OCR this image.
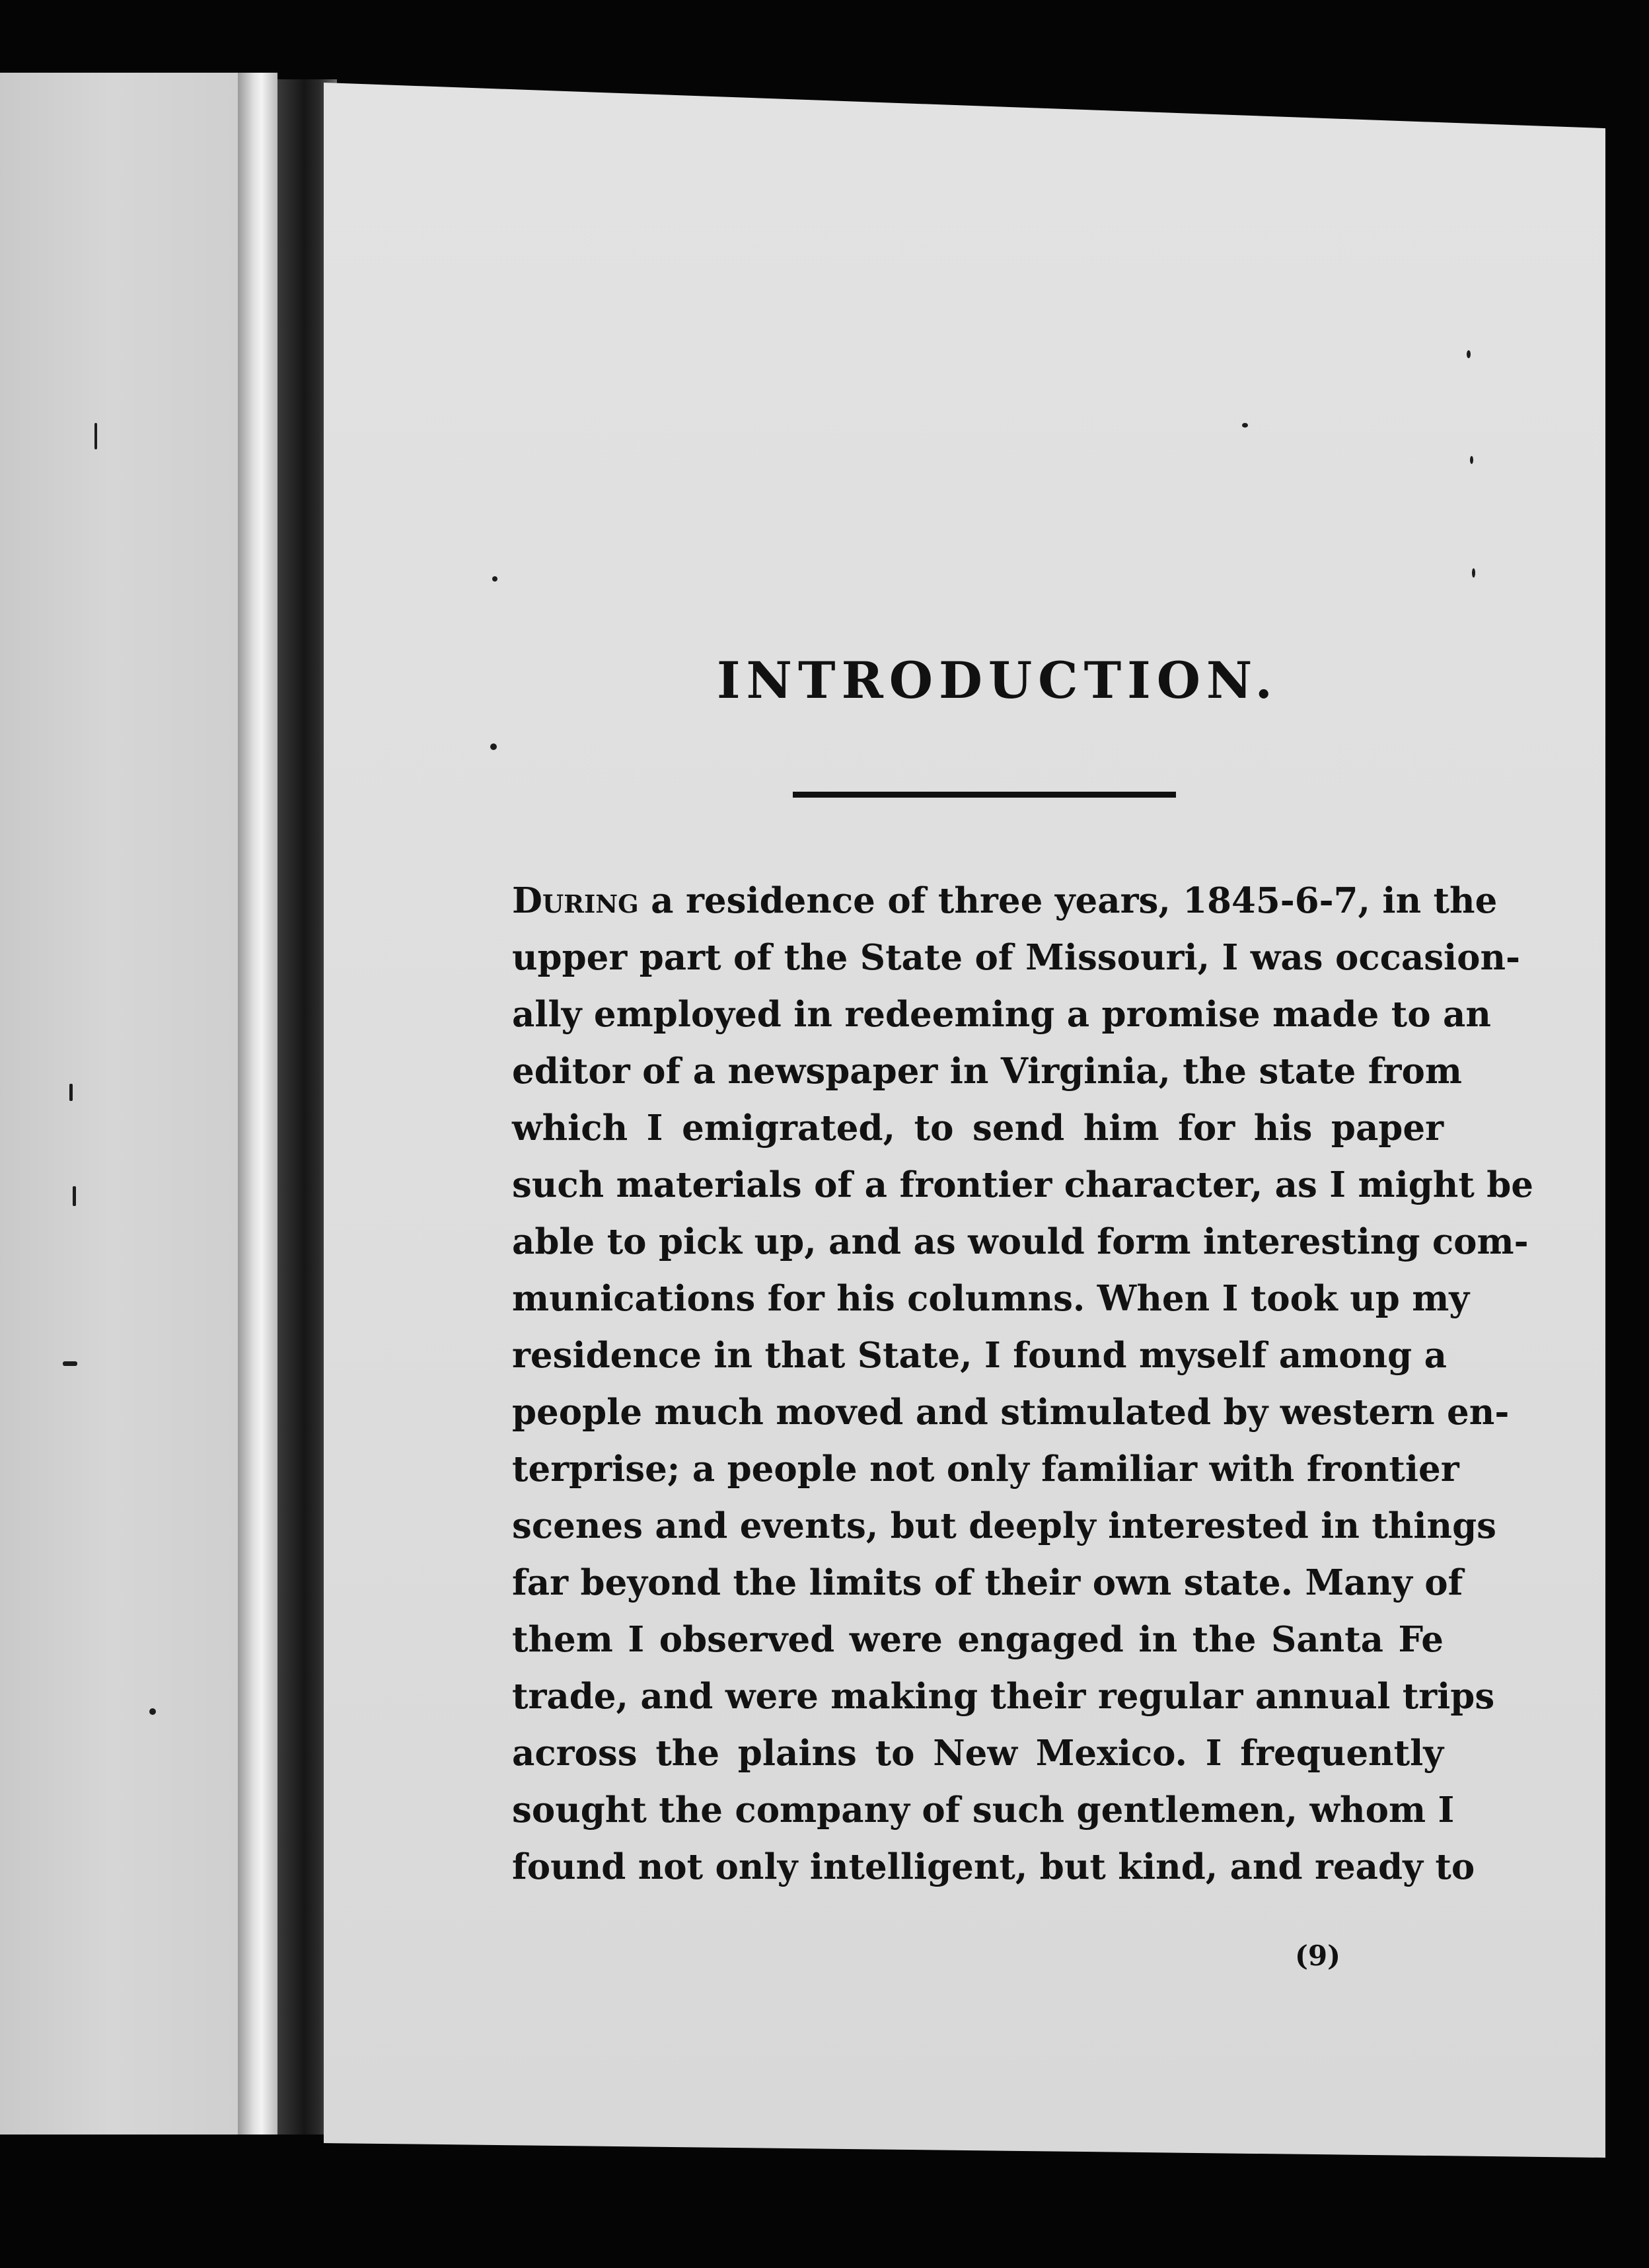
INTRODUCTION.
During a residence of three years, 1845-6-7, in the
upper part of the State of Missouri, I was occasion-
ally employed in redeeming a promise made to an
editor of a newspaper in Virginia, the state from
which I emigrated, to send him for his paper
such materials of a frontier character, as I might be
able to pick up, and as would form interesting com-
munications for his columns. When I took up my
residence in that State, I found myself among a
people much moved and stimulated by western en-
terprise; a people not only familiar with frontier
scenes and events, but deeply interested in things
far beyond the limits of their own state. Many of
them I observed were engaged in the Santa Fe
trade, and were making their regular annual trips
across the plains to New Mexico. I frequently
sought the company of such gentlemen, whom I
found not only intelligent, but kind, and ready to

(9)
